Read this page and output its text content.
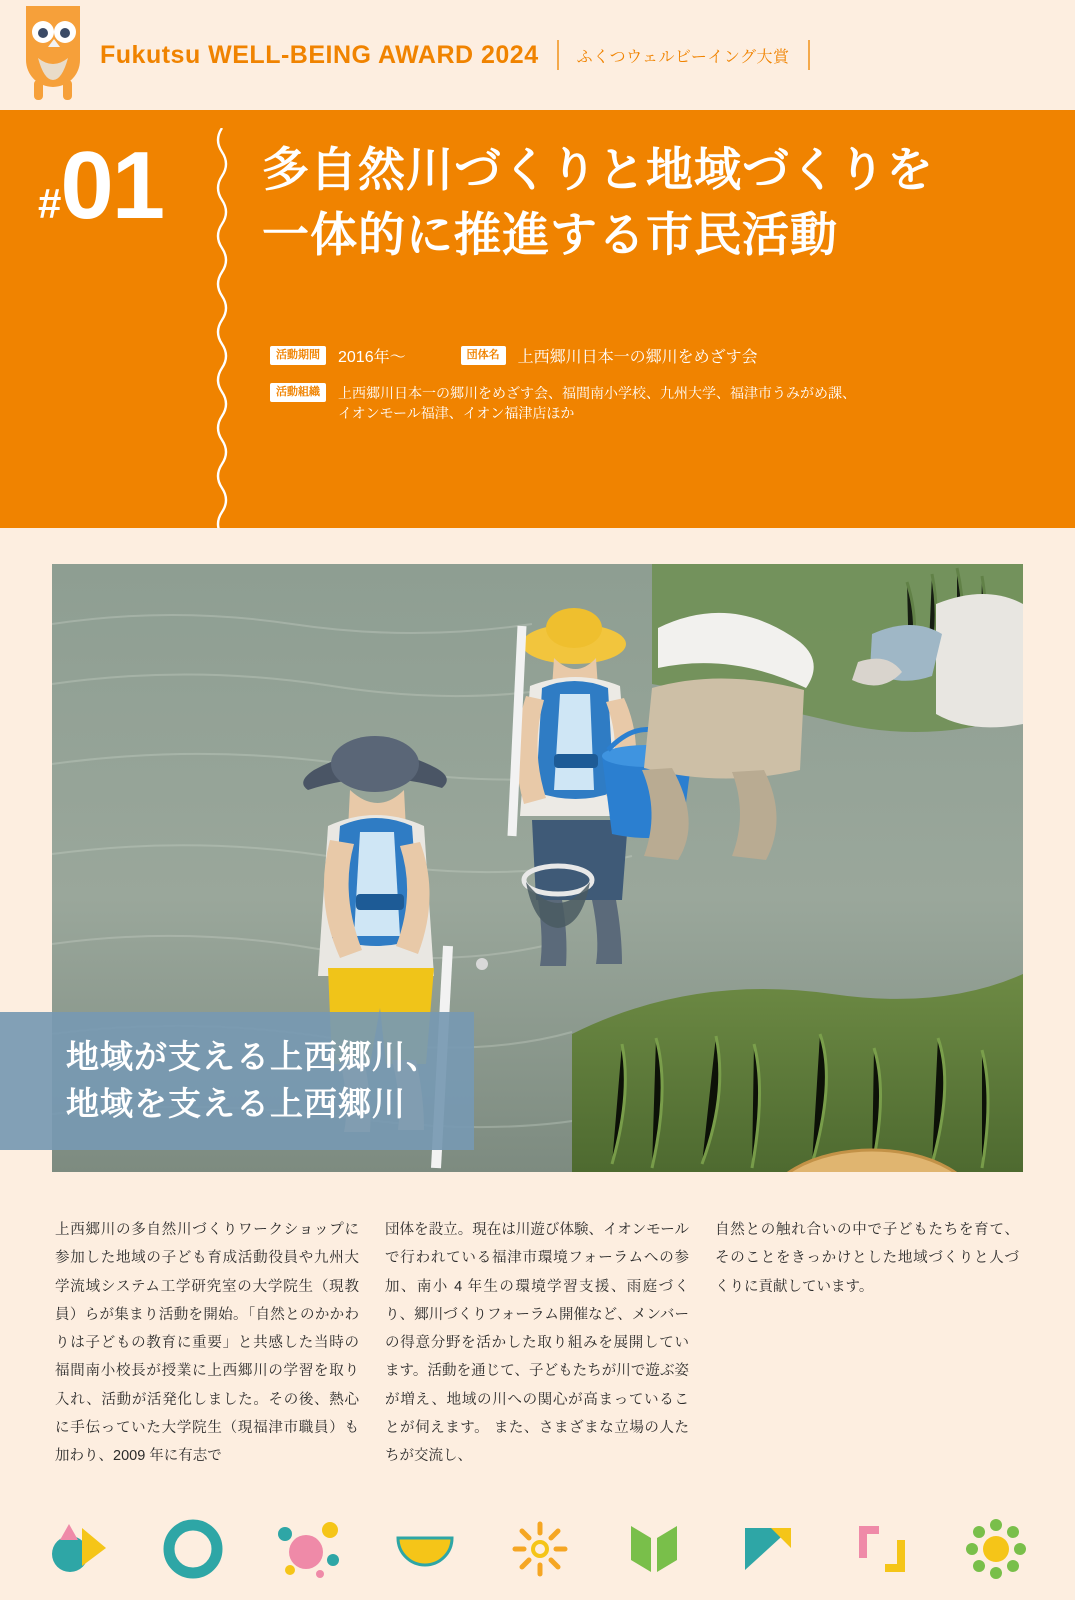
Fukutsu WELL-BEING AWARD 2024 ふくつウェルビーイング大賞
# 01 多自然川づくりと地域づくりを
一体的に推進する市民活動
活動期間	2016年～	団体名	上西郷川日本一の郷川をめざす会
活動組織	上西郷川日本一の郷川をめざす会、福間南小学校、九州大学、福津市うみがめ課、
イオンモール福津、イオン福津店ほか
地域が支える上西郷川、
地域を支える上西郷川

上西郷川の多自然川づくりワークショップに参加した地域の子ども育成活動役員や九州大学流域システム工学研究室の大学院生（現教員）らが集まり活動を開始。「自然とのかかわりは子どもの教育に重要」と共感した当時の福間南小校長が授業に上西郷川の学習を取り入れ、活動が活発化しました。その後、熱心に手伝っていた大学院生（現福津市職員）も加わり、2009 年に有志で

団体を設立。現在は川遊び体験、イオンモールで行われている福津市環境フォーラムへの参加、南小 4 年生の環境学習支援、雨庭づくり、郷川づくりフォーラム開催など、メンバーの得意分野を活かした取り組みを展開しています。活動を通じて、子どもたちが川で遊ぶ姿が増え、地域の川への関心が高まっていることが伺えます。 また、さまざまな立場の人たちが交流し、

自然との触れ合いの中で子どもたちを育て、そのことをきっかけとした地域づくりと人づくりに貢献しています。
